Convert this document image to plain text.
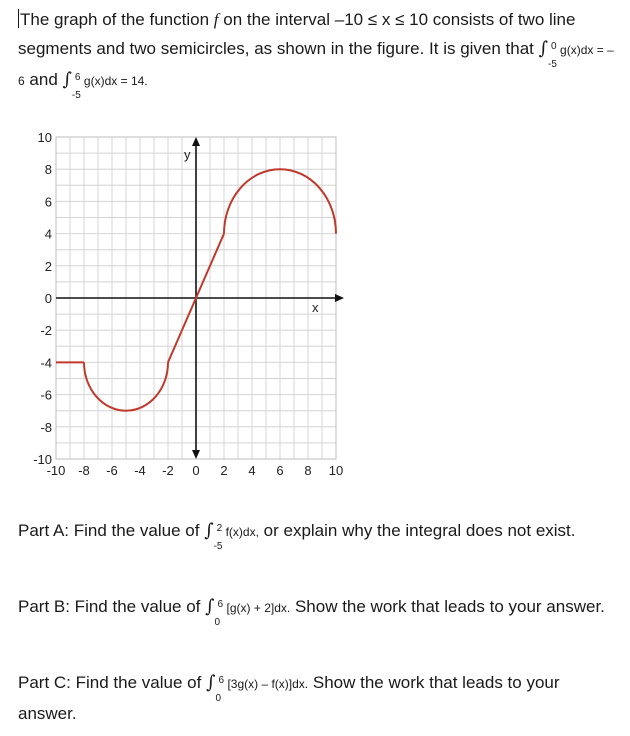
The graph of the function f on the interval –10 ≤ x ≤ 10 consists of two line segments and two semicircles, as shown in the figure. It is given that ∫ 0
-5
g(x)dx = –6 and ∫ 6
-5
g(x)dx = 14.

x
y
10
8
6
4
2
0
-2
-4
-6
-8
-10
-10 -8 -6 -4 -2 0 2 4 6 8 10

Part A: Find the value of ∫ 2
-5
f(x)dx, or explain why the integral does not exist.

Part B: Find the value of ∫ 6
0
[g(x) + 2]dx. Show the work that leads to your answer.

Part C: Find the value of ∫ 6
0
[3g(x) – f(x)]dx. Show the work that leads to your answer.
